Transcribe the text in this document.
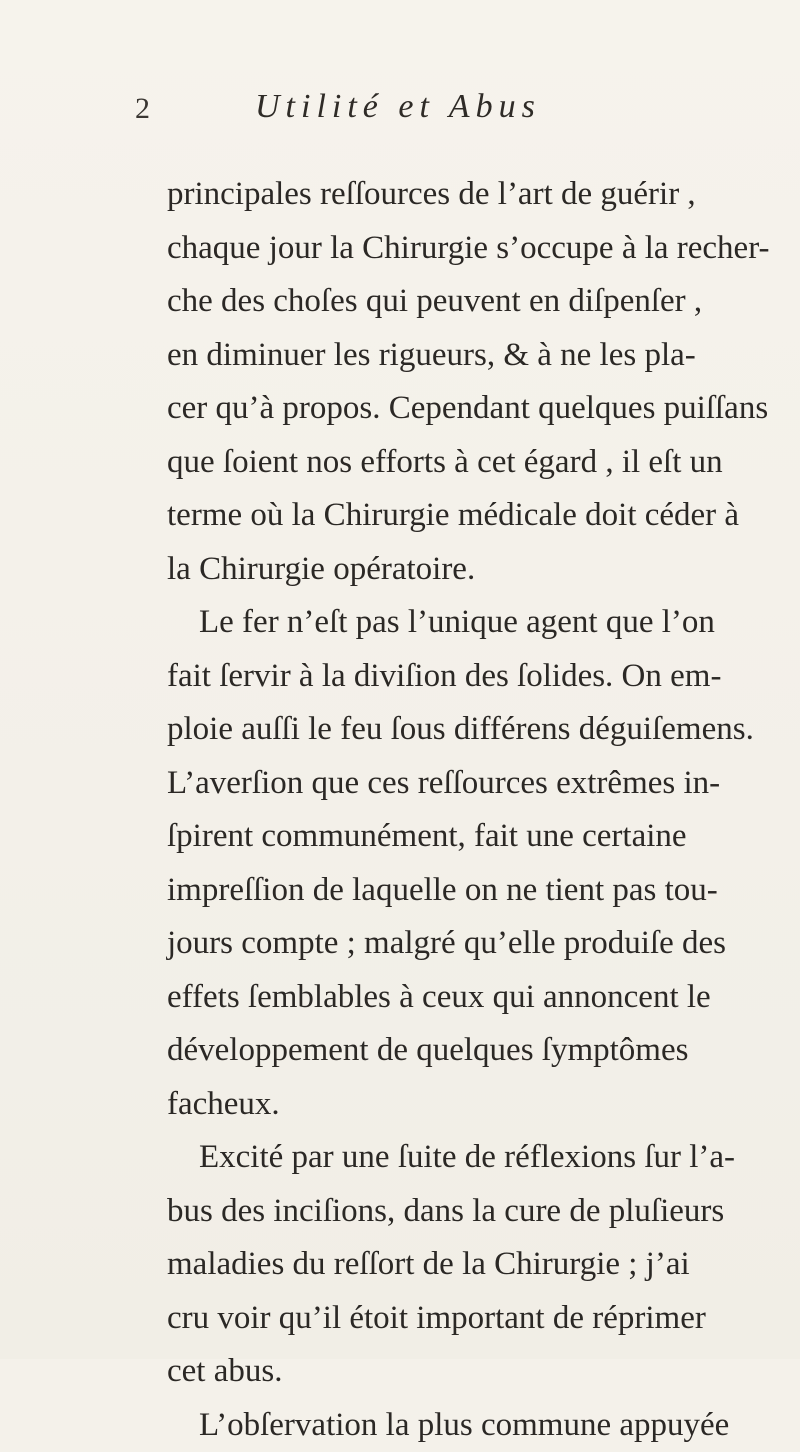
2	Utilité et Abus
principales reſſources de l’art de guérir ,
chaque jour la Chirurgie s’occupe à la recher-
che des choſes qui peuvent en diſpenſer ,
en diminuer les rigueurs, & à ne les pla-
cer qu’à propos. Cependant quelques puiſſans
que ſoient nos efforts à cet égard , il eſt un
terme où la Chirurgie médicale doit céder à
la Chirurgie opératoire.
Le fer n’eſt pas l’unique agent que l’on
fait ſervir à la diviſion des ſolides. On em-
ploie auſſi le feu ſous différens déguiſemens.
L’averſion que ces reſſources extrêmes in-
ſpirent communément, fait une certaine
impreſſion de laquelle on ne tient pas tou-
jours compte ; malgré qu’elle produiſe des
effets ſemblables à ceux qui annoncent le
développement de quelques ſymptômes
facheux.
Excité par une ſuite de réflexions ſur l’a-
bus des inciſions, dans la cure de pluſieurs
maladies du reſſort de la Chirurgie ; j’ai
cru voir qu’il étoit important de réprimer
cet abus.
L’obſervation la plus commune appuyée
